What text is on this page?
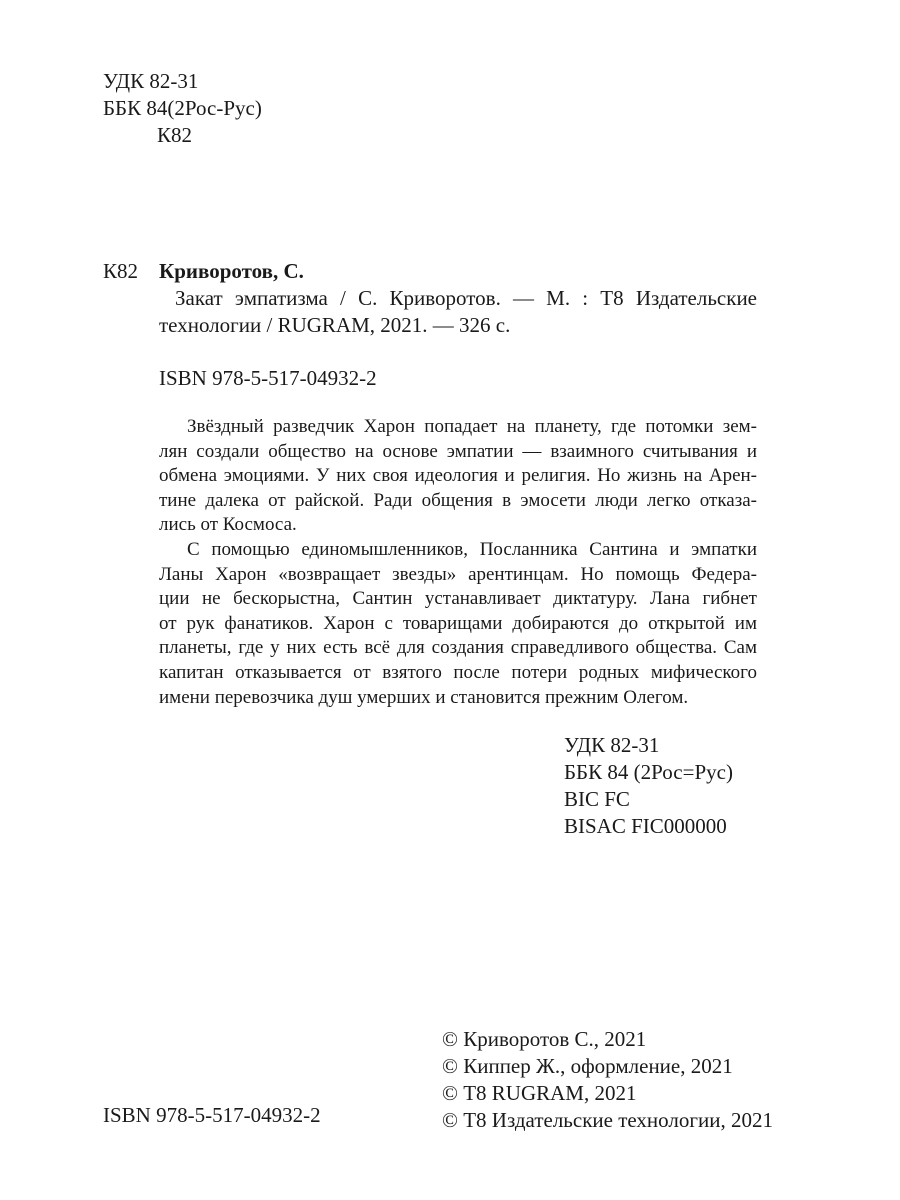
УДК 82-31
ББК 84(2Рос-Рус)
К82
К82 Криворотов, С.
Закат эмпатизма / С. Криворотов. — М. : Т8 Издательские
технологии / RUGRAM, 2021. — 326 с.
ISBN 978-5-517-04932-2
Звёздный разведчик Харон попадает на планету, где потомки зем-
лян создали общество на основе эмпатии — взаимного считывания и
обмена эмоциями. У них своя идеология и религия. Но жизнь на Арен-
тине далека от райской. Ради общения в эмосети люди легко отказа-
лись от Космоса.
С помощью единомышленников, Посланника Сантина и эмпатки
Ланы Харон «возвращает звезды» арентинцам. Но помощь Федера-
ции не бескорыстна, Сантин устанавливает диктатуру. Лана гибнет
от рук фанатиков. Харон с товарищами добираются до открытой им
планеты, где у них есть всё для создания справедливого общества. Сам
капитан отказывается от взятого после потери родных мифического
имени перевозчика душ умерших и становится прежним Олегом.
УДК 82-31
ББК 84 (2Рос=Рус)
BIC FC
BISAC FIC000000
ISBN 978-5-517-04932-2
© Криворотов С., 2021
© Киппер Ж., оформление, 2021
© Т8 RUGRAM, 2021
© Т8 Издательские технологии, 2021
